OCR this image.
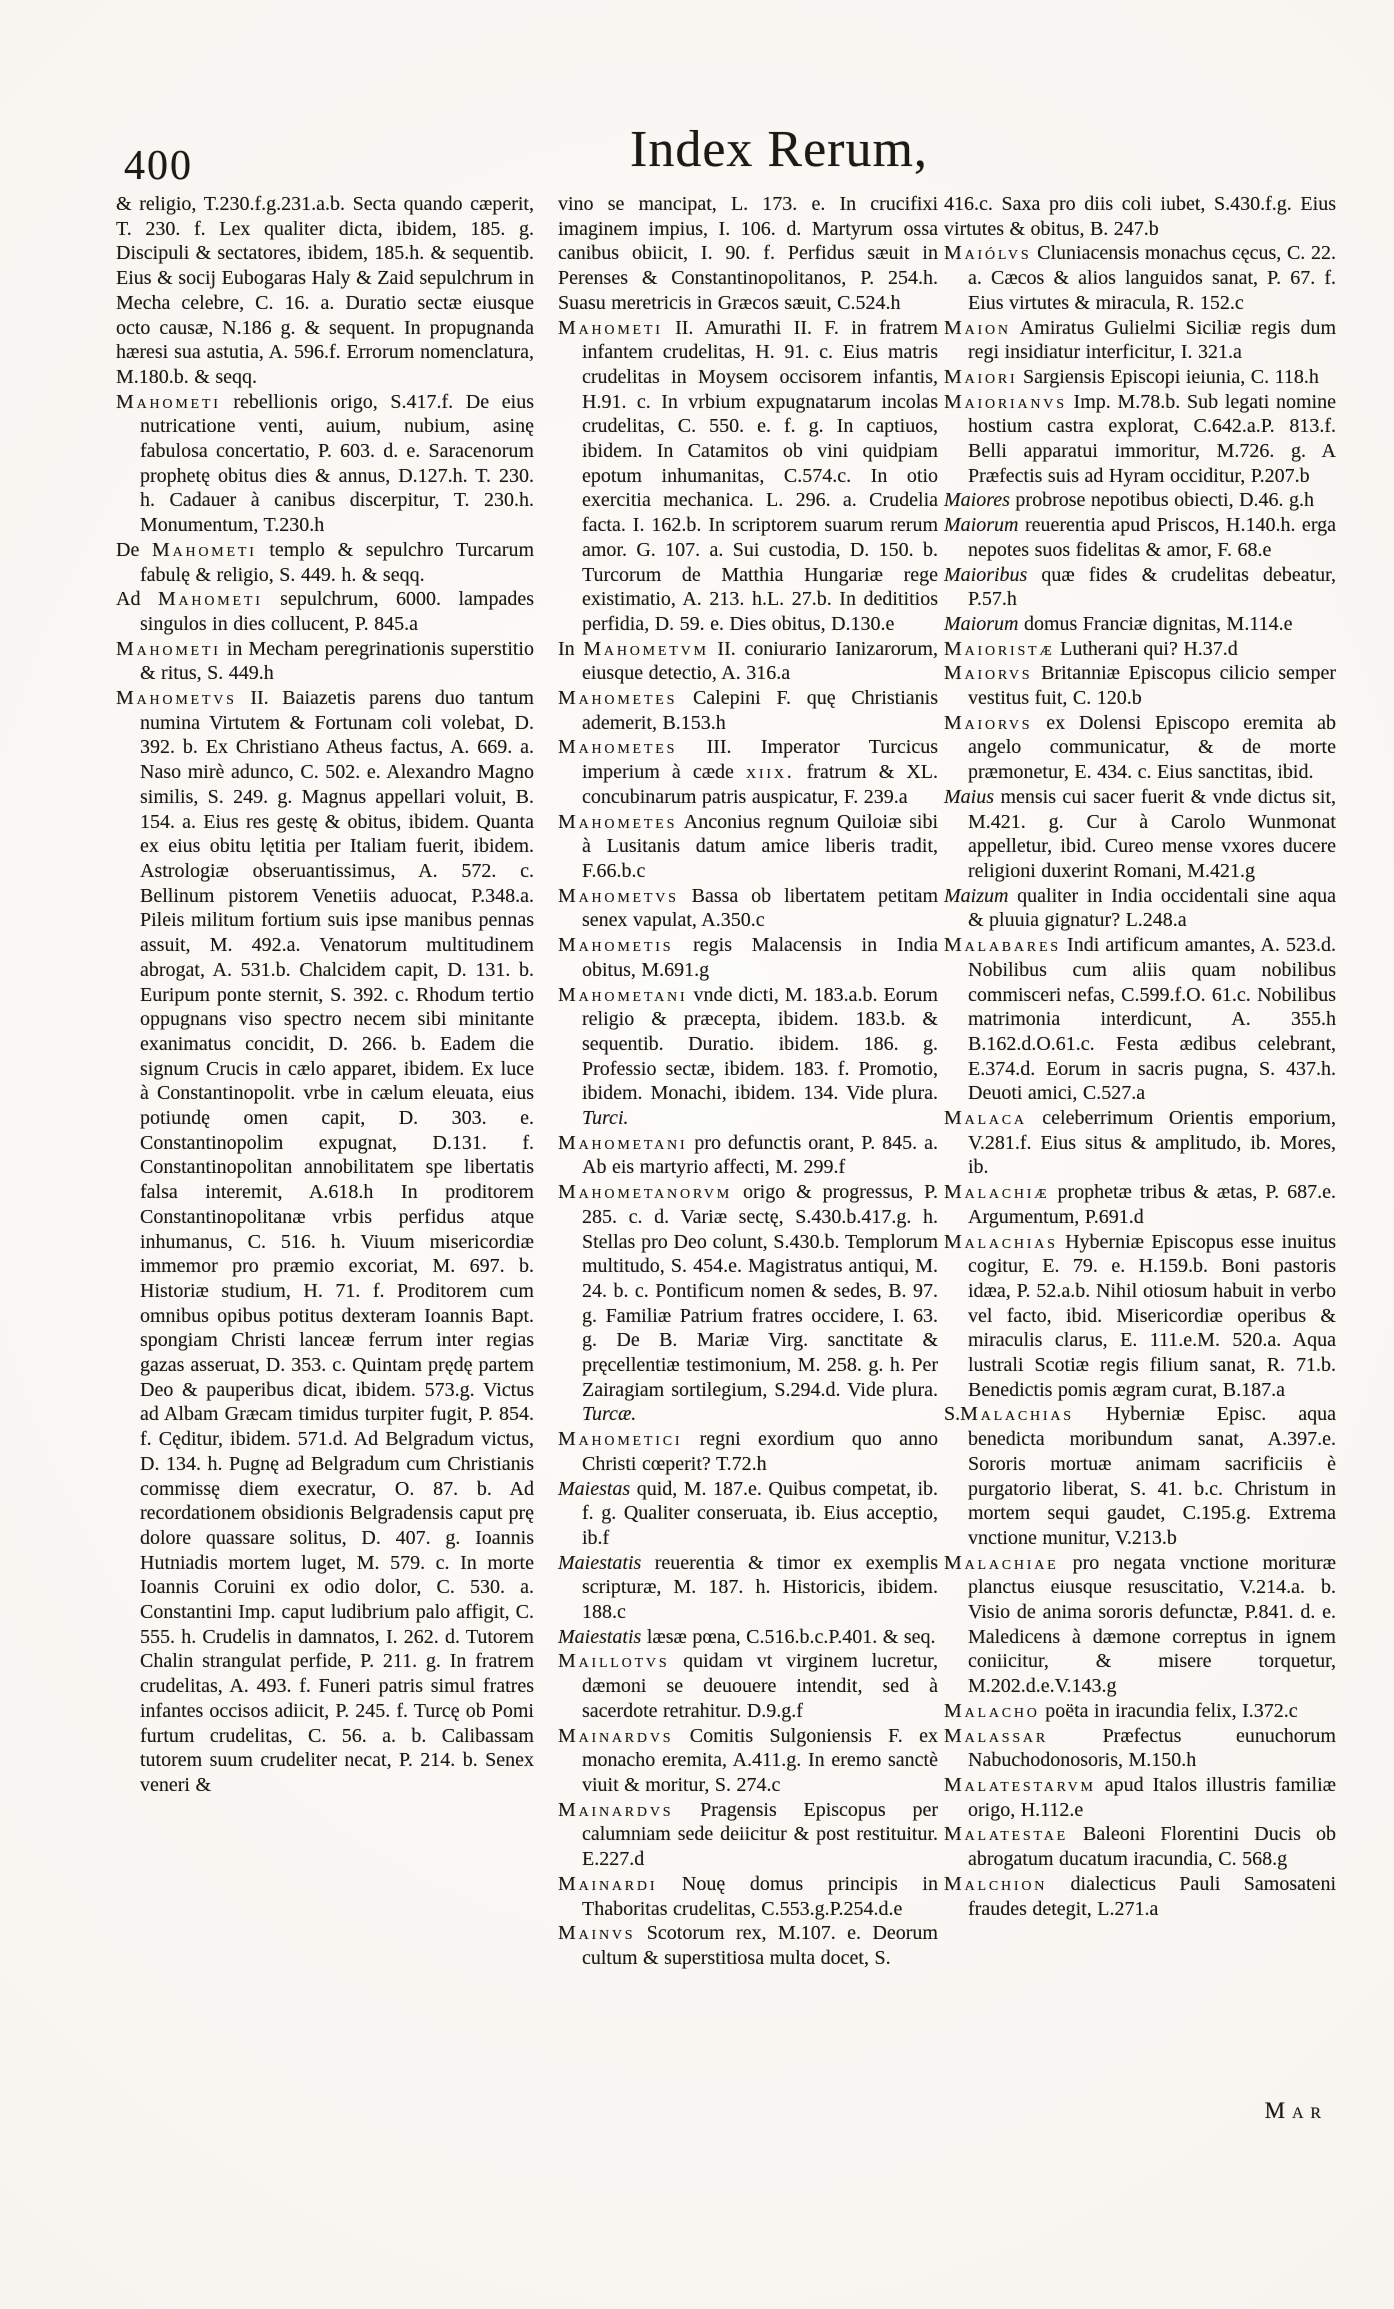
400	Index Rerum,

& religio, T.230.f.g.231.a.b. Secta quando cæperit, T. 230. f. Lex qualiter dicta, ibidem, 185. g. Discipuli & sectatores, ibidem, 185.h. & sequentib. Eius & socij Eubogaras Haly & Zaid sepulchrum in Mecha celebre, C. 16. a. Duratio sectæ eiusque octo causæ, N.186 g. & sequent. In propugnanda hæresi sua astutia, A. 596.f. Errorum nomenclatura, M.180.b. & seqq.

Mahometi rebellionis origo, S.417.f. De eius nutricatione venti, auium, nubium, asinę fabulosa concertatio, P. 603. d. e. Saracenorum prophetę obitus dies & annus, D.127.h. T. 230. h. Cadauer à canibus discerpitur, T. 230.h. Monumentum, T.230.h

De Mahometi templo & sepulchro Turcarum fabulę & religio, S. 449. h. & seqq.

Ad Mahometi sepulchrum, 6000. lampades singulos in dies collucent, P. 845.a

Mahometi in Mecham peregrinationis superstitio & ritus, S. 449.h

Mahometvs II. Baiazetis parens duo tantum numina Virtutem & Fortunam coli volebat, D. 392. b. Ex Christiano Atheus factus, A. 669. a. Naso mirè adunco, C. 502. e. Alexandro Magno similis, S. 249. g. Magnus appellari voluit, B. 154. a. Eius res gestę & obitus, ibidem. Quanta ex eius obitu lętitia per Italiam fuerit, ibidem. Astrologiæ obseruantissimus, A. 572. c. Bellinum pistorem Venetiis aduocat, P.348.a. Pileis militum fortium suis ipse manibus pennas assuit, M. 492.a. Venatorum multitudinem abrogat, A. 531.b. Chalcidem capit, D. 131. b. Euripum ponte sternit, S. 392. c. Rhodum tertio oppugnans viso spectro necem sibi minitante exanimatus concidit, D. 266. b. Eadem die signum Crucis in cælo apparet, ibidem. Ex luce à Constantinopolit. vrbe in cælum eleuata, eius potiundę omen capit, D. 303. e. Constantinopolim expugnat, D.131. f. Constantinopolitan annobilitatem spe libertatis falsa interemit, A.618.h In proditorem Constantinopolitanæ vrbis perfidus atque inhumanus, C. 516. h. Viuum misericordiæ immemor pro præmio excoriat, M. 697. b. Historiæ studium, H. 71. f. Proditorem cum omnibus opibus potitus dexteram Ioannis Bapt. spongiam Christi lanceæ ferrum inter regias gazas asseruat, D. 353. c. Quintam prędę partem Deo & pauperibus dicat, ibidem. 573.g. Victus ad Albam Græcam timidus turpiter fugit, P. 854. f. Cęditur, ibidem. 571.d. Ad Belgradum victus, D. 134. h. Pugnę ad Belgradum cum Christianis commissę diem execratur, O. 87. b. Ad recordationem obsidionis Belgradensis caput prę dolore quassare solitus, D. 407. g. Ioannis Hutniadis mortem luget, M. 579. c. In morte Ioannis Coruini ex odio dolor, C. 530. a. Constantini Imp. caput ludibrium palo affigit, C. 555. h. Crudelis in damnatos, I. 262. d. Tutorem Chalin strangulat perfide, P. 211. g. In fratrem crudelitas, A. 493. f. Funeri patris simul fratres infantes occisos adiicit, P. 245. f. Turcę ob Pomi furtum crudelitas, C. 56. a. b. Calibassam tutorem suum crudeliter necat, P. 214. b. Senex veneri &

vino se mancipat, L. 173. e. In crucifixi imaginem impius, I. 106. d. Martyrum ossa canibus obiicit, I. 90. f. Perfidus sæuit in Perenses & Constantinopolitanos, P. 254.h. Suasu meretricis in Græcos sæuit, C.524.h

Mahometi II. Amurathi II. F. in fratrem infantem crudelitas, H. 91. c. Eius matris crudelitas in Moysem occisorem infantis, H.91. c. In vrbium expugnatarum incolas crudelitas, C. 550. e. f. g. In captiuos, ibidem. In Catamitos ob vini quidpiam epotum inhumanitas, C.574.c. In otio exercitia mechanica. L. 296. a. Crudelia facta. I. 162.b. In scriptorem suarum rerum amor. G. 107. a. Sui custodia, D. 150. b. Turcorum de Matthia Hungariæ rege existimatio, A. 213. h.L. 27.b. In dedititios perfidia, D. 59. e. Dies obitus, D.130.e

In Mahometvm II. coniurario Ianizarorum, eiusque detectio, A. 316.a

Mahometes Calepini F. quę Christianis ademerit, B.153.h

Mahometes III. Imperator Turcicus imperium à cæde xiix. fratrum & XL. concubinarum patris auspicatur, F. 239.a

Mahometes Anconius regnum Quiloiæ sibi à Lusitanis datum amice liberis tradit, F.66.b.c

Mahometvs Bassa ob libertatem petitam senex vapulat, A.350.c

Mahometis regis Malacensis in India obitus, M.691.g

Mahometani vnde dicti, M. 183.a.b. Eorum religio & præcepta, ibidem. 183.b. & sequentib. Duratio. ibidem. 186. g. Professio sectæ, ibidem. 183. f. Promotio, ibidem. Monachi, ibidem. 134. Vide plura. Turci.

Mahometani pro defunctis orant, P. 845. a. Ab eis martyrio affecti, M. 299.f

Mahometanorvm origo & progressus, P. 285. c. d. Variæ sectę, S.430.b.417.g. h. Stellas pro Deo colunt, S.430.b. Templorum multitudo, S. 454.e. Magistratus antiqui, M. 24. b. c. Pontificum nomen & sedes, B. 97. g. Familiæ Patrium fratres occidere, I. 63. g. De B. Mariæ Virg. sanctitate & pręcellentiæ testimonium, M. 258. g. h. Per Zairagiam sortilegium, S.294.d. Vide plura. Turcæ.

Mahometici regni exordium quo anno Christi cœperit? T.72.h

Maiestas quid, M. 187.e. Quibus competat, ib. f. g. Qualiter conseruata, ib. Eius acceptio, ib.f

Maiestatis reuerentia & timor ex exemplis scripturæ, M. 187. h. Historicis, ibidem. 188.c

Maiestatis læsæ pœna, C.516.b.c.P.401. & seq.

Maillotvs quidam vt virginem lucretur, dæmoni se deuouere intendit, sed à sacerdote retrahitur. D.9.g.f

Mainardvs Comitis Sulgoniensis F. ex monacho eremita, A.411.g. In eremo sanctè viuit & moritur, S. 274.c

Mainardvs Pragensis Episcopus per calumniam sede deiicitur & post restituitur. E.227.d

Mainardi Nouę domus principis in Thaboritas crudelitas, C.553.g.P.254.d.e

Mainvs Scotorum rex, M.107. e. Deorum cultum & superstitiosa multa docet, S.

416.c. Saxa pro diis coli iubet, S.430.f.g. Eius virtutes & obitus, B. 247.b

Maiólvs Cluniacensis monachus cęcus, C. 22. a. Cæcos & alios languidos sanat, P. 67. f. Eius virtutes & miracula, R. 152.c

Maion Amiratus Gulielmi Siciliæ regis dum regi insidiatur interficitur, I. 321.a

Maiori Sargiensis Episcopi ieiunia, C. 118.h

Maiorianvs Imp. M.78.b. Sub legati nomine hostium castra explorat, C.642.a.P. 813.f. Belli apparatui immoritur, M.726. g. A Præfectis suis ad Hyram occiditur, P.207.b

Maiores probrose nepotibus obiecti, D.46. g.h

Maiorum reuerentia apud Priscos, H.140.h. erga nepotes suos fidelitas & amor, F. 68.e

Maioribus quæ fides & crudelitas debeatur, P.57.h

Maiorum domus Franciæ dignitas, M.114.e

Maioristæ Lutherani qui? H.37.d

Maiorvs Britanniæ Episcopus cilicio semper vestitus fuit, C. 120.b

Maiorvs ex Dolensi Episcopo eremita ab angelo communicatur, & de morte præmonetur, E. 434. c. Eius sanctitas, ibid.

Maius mensis cui sacer fuerit & vnde dictus sit, M.421. g. Cur à Carolo Wunmonat appelletur, ibid. Cureo mense vxores ducere religioni duxerint Romani, M.421.g

Maizum qualiter in India occidentali sine aqua & pluuia gignatur? L.248.a

Malabares Indi artificum amantes, A. 523.d. Nobilibus cum aliis quam nobilibus commisceri nefas, C.599.f.O. 61.c. Nobilibus matrimonia interdicunt, A. 355.h B.162.d.O.61.c. Festa ædibus celebrant, E.374.d. Eorum in sacris pugna, S. 437.h. Deuoti amici, C.527.a

Malaca celeberrimum Orientis emporium, V.281.f. Eius situs & amplitudo, ib. Mores, ib.

Malachiæ prophetæ tribus & ætas, P. 687.e. Argumentum, P.691.d

Malachias Hyberniæ Episcopus esse inuitus cogitur, E. 79. e. H.159.b. Boni pastoris idæa, P. 52.a.b. Nihil otiosum habuit in verbo vel facto, ibid. Misericordiæ operibus & miraculis clarus, E. 111.e.M. 520.a. Aqua lustrali Scotiæ regis filium sanat, R. 71.b. Benedictis pomis ægram curat, B.187.a

S.Malachias Hyberniæ Episc. aqua benedicta moribundum sanat, A.397.e. Sororis mortuæ animam sacrificiis è purgatorio liberat, S. 41. b.c. Christum in mortem sequi gaudet, C.195.g. Extrema vnctione munitur, V.213.b

Malachiae pro negata vnctione morituræ planctus eiusque resuscitatio, V.214.a. b. Visio de anima sororis defunctæ, P.841. d. e. Maledicens à dæmone correptus in ignem coniicitur, & misere torquetur, M.202.d.e.V.143.g

Malacho poëta in iracundia felix, I.372.c

Malassar Præfectus eunuchorum Nabuchodonosoris, M.150.h

Malatestarvm apud Italos illustris familiæ origo, H.112.e

Malatestae Baleoni Florentini Ducis ob abrogatum ducatum iracundia, C. 568.g

Malchion dialecticus Pauli Samosateni fraudes detegit, L.271.a

Mar
